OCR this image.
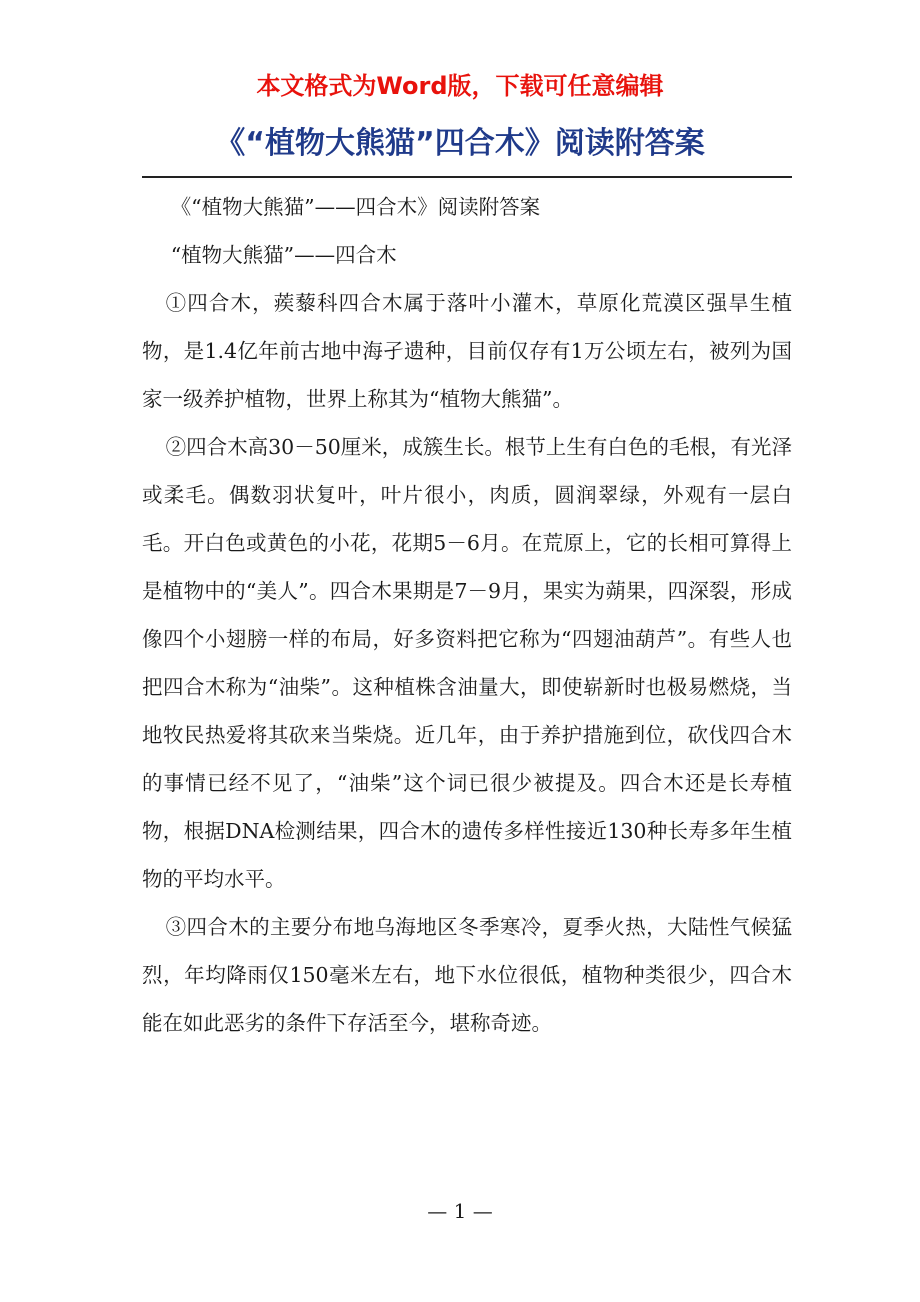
本文格式为Word版，下载可任意编辑

《“植物大熊猫”四合木》阅读附答案

《“植物大熊猫”——四合木》阅读附答案

“植物大熊猫”——四合木

①四合木，蒺藜科四合木属于落叶小灌木，草原化荒漠区强旱生植物，是1.4亿年前古地中海孑遗种，目前仅存有1万公顷左右，被列为国家一级养护植物，世界上称其为“植物大熊猫”。

②四合木高30－50厘米，成簇生长。根节上生有白色的毛根，有光泽或柔毛。偶数羽状复叶，叶片很小，肉质，圆润翠绿，外观有一层白毛。开白色或黄色的小花，花期5－6月。在荒原上，它的长相可算得上是植物中的“美人”。四合木果期是7－9月，果实为蒴果，四深裂，形成像四个小翅膀一样的布局，好多资料把它称为“四翅油葫芦”。有些人也把四合木称为“油柴”。这种植株含油量大，即使崭新时也极易燃烧，当地牧民热爱将其砍来当柴烧。近几年，由于养护措施到位，砍伐四合木的事情已经不见了，“油柴”这个词已很少被提及。四合木还是长寿植物，根据DNA检测结果，四合木的遗传多样性接近130种长寿多年生植物的平均水平。

③四合木的主要分布地乌海地区冬季寒冷，夏季火热，大陆性气候猛烈，年均降雨仅150毫米左右，地下水位很低，植物种类很少，四合木能在如此恶劣的条件下存活至今，堪称奇迹。

— 1 —
